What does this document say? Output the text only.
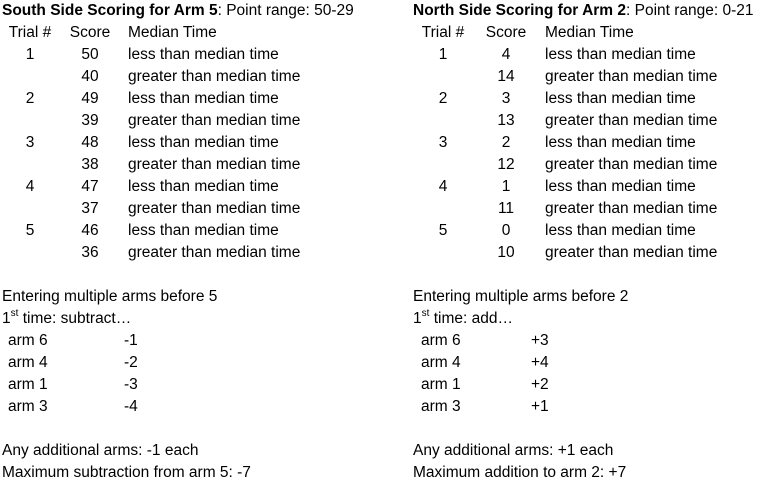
South Side Scoring for Arm 5: Point range: 50-29
Trial #	Score	Median Time
1	50	less than median time
	40	greater than median time
2	49	less than median time
	39	greater than median time
3	48	less than median time
	38	greater than median time
4	47	less than median time
	37	greater than median time
5	46	less than median time
	36	greater than median time
Entering multiple arms before 5
1st time: subtract…
arm 6	-1
arm 4	-2
arm 1	-3
arm 3	-4
Any additional arms: -1 each
Maximum subtraction from arm 5: -7
North Side Scoring for Arm 2: Point range: 0-21
Trial #	Score	Median Time
1	4	less than median time
	14	greater than median time
2	3	less than median time
	13	greater than median time
3	2	less than median time
	12	greater than median time
4	1	less than median time
	11	greater than median time
5	0	less than median time
	10	greater than median time
Entering multiple arms before 2
1st time: add…
arm 6	+3
arm 4	+4
arm 1	+2
arm 3	+1
Any additional arms: +1 each
Maximum addition to arm 2: +7
